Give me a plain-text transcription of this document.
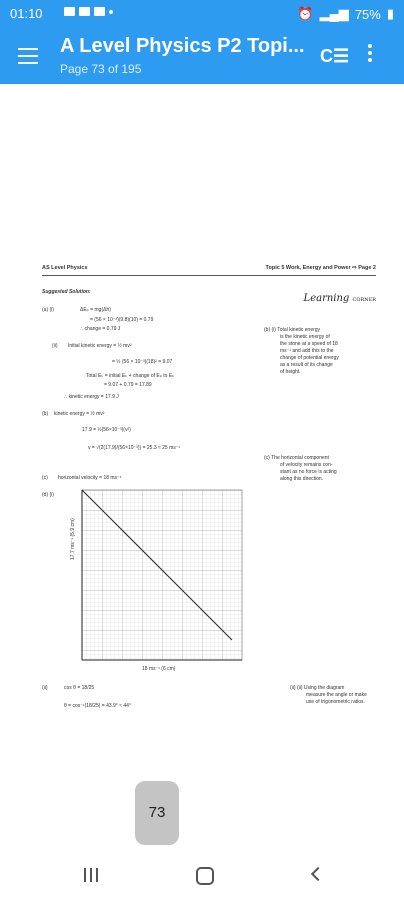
01:10	⏰ ▂▄▆ 75% ▮
A Level Physics P2 Topi...
Page 73 of 195
C☰
AS Level Physics	Topic 5 Work, Energy and Power ⇨ Page 2
Learning CORNER
Suggested Solution:
(a) (i)	ΔEₚ = mg(Δh)
= (56 × 10⁻³)(9.8)(10) = 0.79
∴ change = 0.79 J
(ii) Initial kinetic energy = ½ mv²
= ½ (56 × 10⁻³)(18)² = 9.07
Total Eₖ = initial Eₖ + change of Eₚ to Eₖ
= 9.07 + 0.79 = 17.89
∴ kinetic energy = 17.9 J
(b) kinetic energy = ½ mv²
17.9 = ½(56×10⁻³)(v²)
v = √(2(17.9)/(56×10⁻³)) = 25.3 ≈ 25 ms⁻¹
(c) horizontal velocity = 18 ms⁻¹
(d) (i)
(b) (i) Total kinetic energy
is the kinetic energy of
the stone at a speed of 18
ms⁻¹ and add this to the
change of potential energy
as a result of its change
of height.
(c) The horizontal component
of velocity remains con-
stant as no force is acting
along this direction.
(ii)	cos θ = 18/25
θ = cos⁻¹(18/25) = 43.9° ≈ 44°
(ii) (ii) Using the diagram
measure the angle or make
use of trigonometric ratios.
17.7 ms⁻¹ (5.9 cm)
18 ms⁻¹ (6 cm)
73
